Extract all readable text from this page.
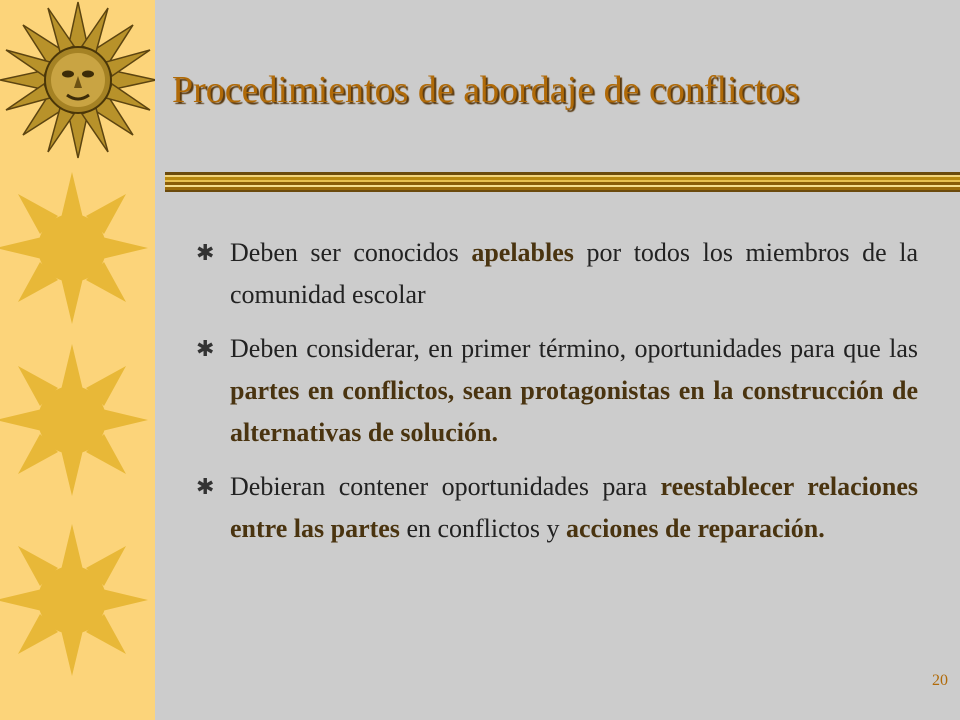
Procedimientos de abordaje de conflictos
✱ Deben ser conocidos apelables por todos los miembros de la comunidad escolar
✱ Deben considerar, en primer término, oportunidades para que las partes en conflictos, sean protagonistas en la construcción de alternativas de solución.
✱ Debieran contener oportunidades para reestablecer relaciones entre las partes en conflictos y acciones de reparación.
20
